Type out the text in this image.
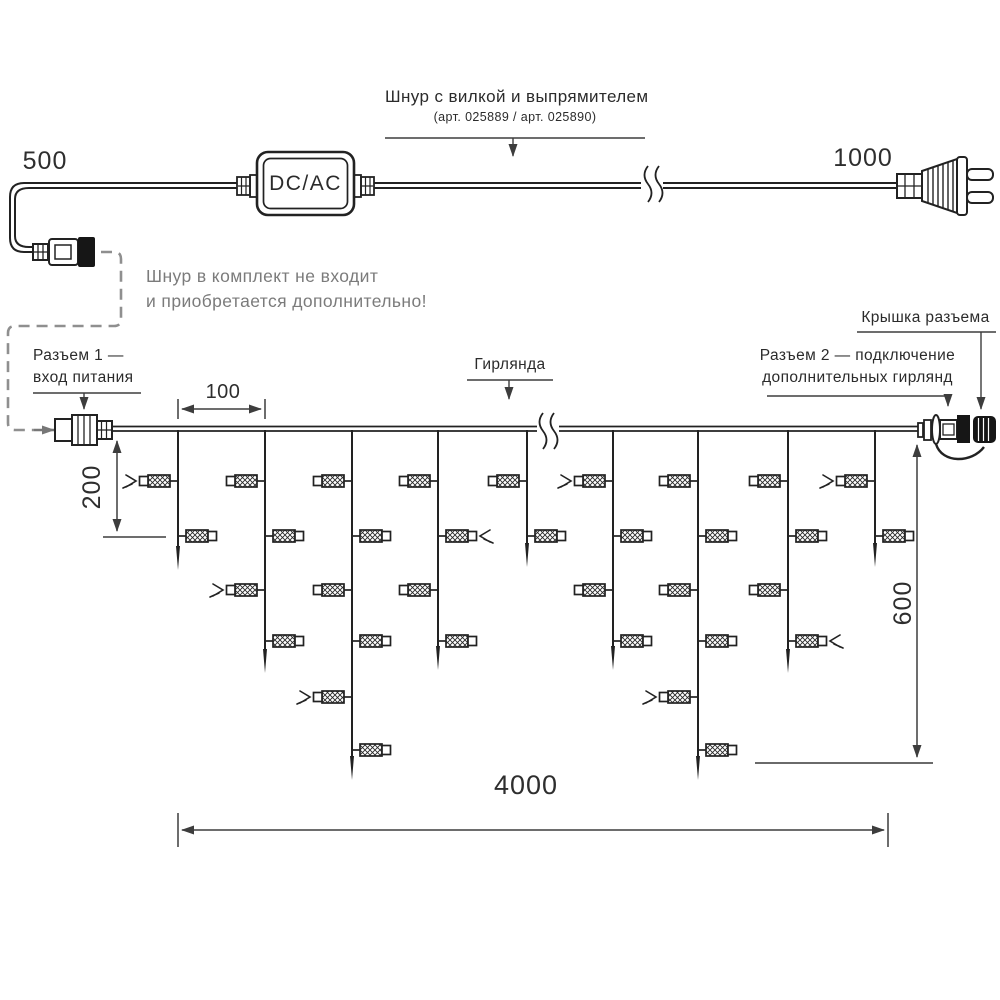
Шнур с вилкой и выпрямителем
(арт. 025889 / арт. 025890)
500	1000
DC/AC
Шнур в комплект не входит
и приобретается дополнительно!
Разъем 1 —
вход питания
100
Гирлянда
Крышка разъема
Разъем 2 — подключение
дополнительных гирлянд
200
600
4000
